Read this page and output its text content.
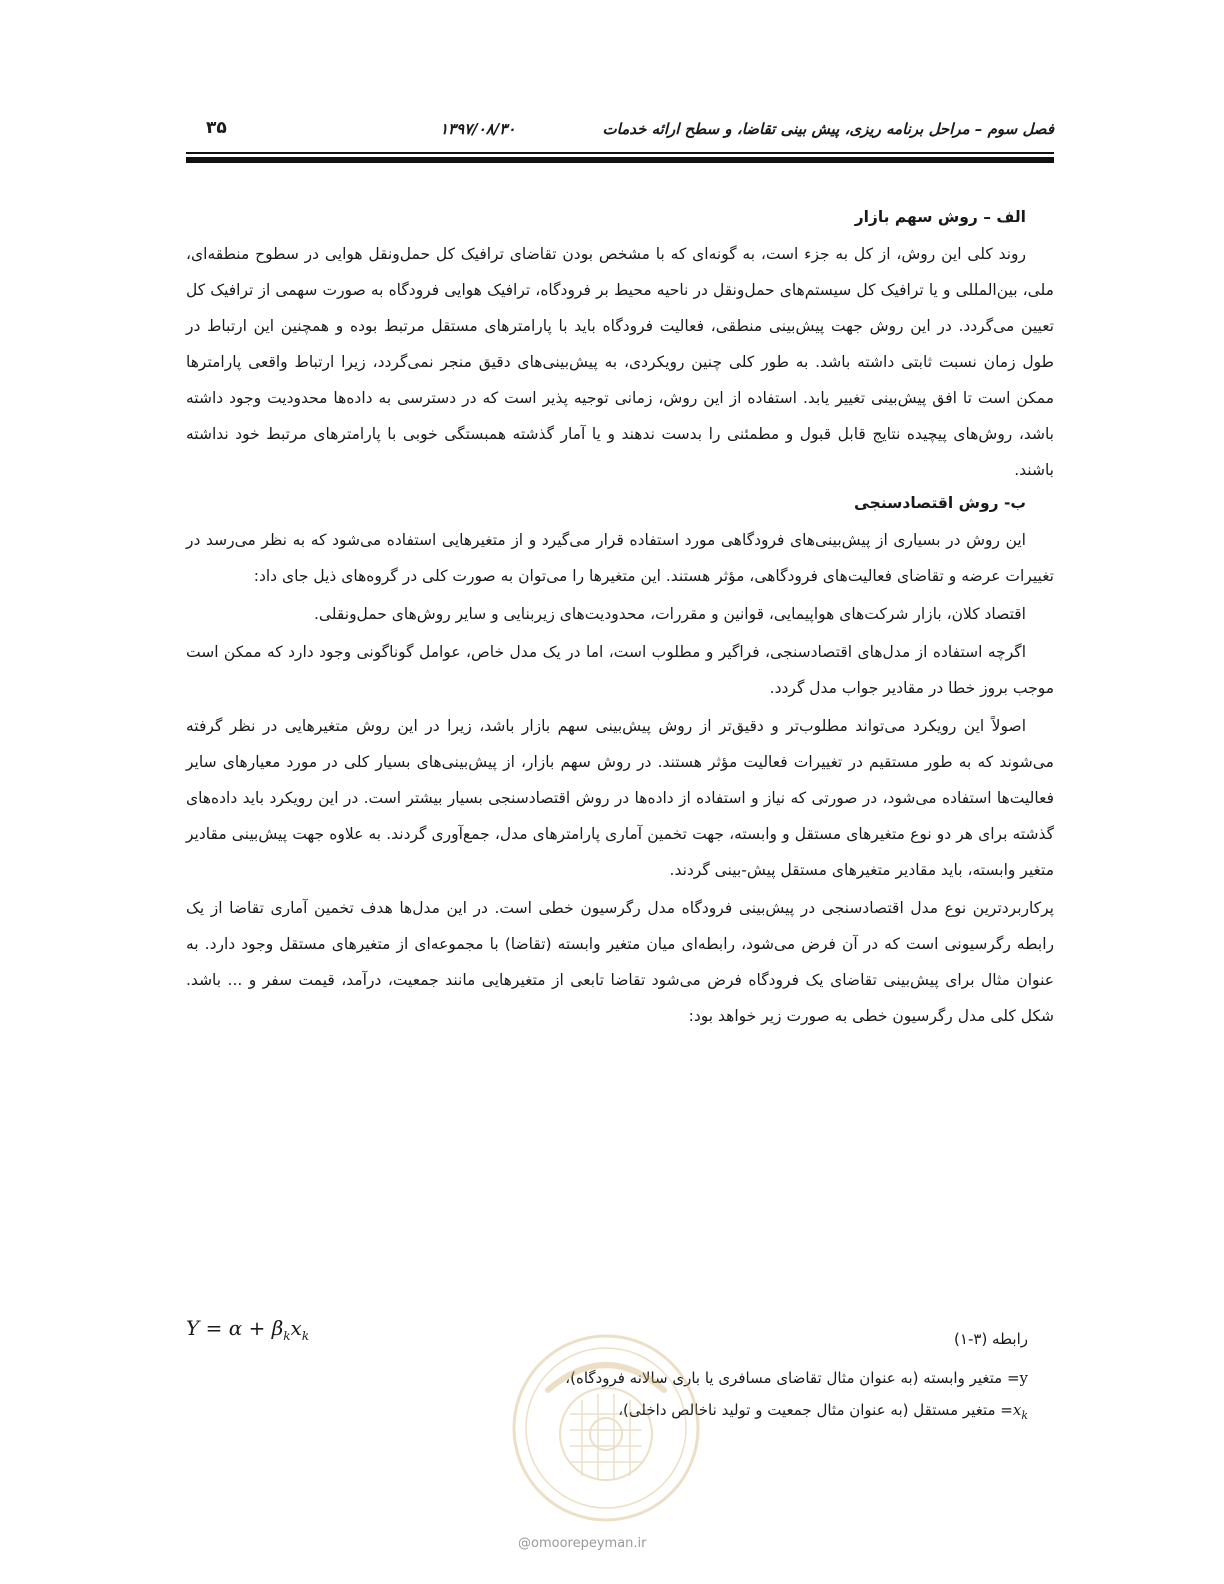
فصل سوم – مراحل برنامه ریزی، پیش بینی تقاضا، و سطح ارائه خدمات
۱۳۹۷/۰۸/۳۰
۳۵
الف – روش سهم بازار

روند کلی این روش، از کل به جزء است، به گونه‌ای که با مشخص بودن تقاضای ترافیک کل حمل‌ونقل هوایی در سطوح منطقه‌ای، ملی، بین‌المللی و یا ترافیک کل سیستم‌های حمل‌ونقل در ناحیه محیط بر فرودگاه، ترافیک هوایی فرودگاه به صورت سهمی از ترافیک کل تعیین می‌گردد. در این روش جهت پیش‌بینی منطقی، فعالیت فرودگاه باید با پارامترهای مستقل مرتبط بوده و همچنین این ارتباط در طول زمان نسبت ثابتی داشته باشد. به طور کلی چنین رویکردی، به پیش‌بینی‌های دقیق منجر نمی‌گردد، زیرا ارتباط واقعی پارامترها ممکن است تا افق پیش‌بینی تغییر یابد. استفاده از این روش، زمانی توجیه پذیر است که در دسترسی به داده‌ها محدودیت وجود داشته باشد، روش‌های پیچیده نتایج قابل قبول و مطمئنی را بدست ندهند و یا آمار گذشته همبستگی خوبی با پارامترهای مرتبط خود نداشته باشند.

ب- روش اقتصادسنجی

این روش در بسیاری از پیش‌بینی‌های فرودگاهی مورد استفاده قرار می‌گیرد و از متغیرهایی استفاده می‌شود که به نظر می‌رسد در تغییرات عرضه و تقاضای فعالیت‌های فرودگاهی، مؤثر هستند. این متغیرها را می‌توان به صورت کلی در گروه‌های ذیل جای داد:

اقتصاد کلان، بازار شرکت‌های هواپیمایی، قوانین و مقررات، محدودیت‌های زیربنایی و سایر روش‌های حمل‌ونقلی.

اگرچه استفاده از مدل‌های اقتصادسنجی، فراگیر و مطلوب است، اما در یک مدل خاص، عوامل گوناگونی وجود دارد که ممکن است موجب بروز خطا در مقادیر جواب مدل گردد.

اصولاً این رویکرد می‌تواند مطلوب‌تر و دقیق‌تر از روش پیش‌بینی سهم بازار باشد، زیرا در این روش متغیرهایی در نظر گرفته می‌شوند که به طور مستقیم در تغییرات فعالیت مؤثر هستند. در روش سهم بازار، از پیش‌بینی‌های بسیار کلی در مورد معیارهای سایر فعالیت‌ها استفاده می‌شود، در صورتی که نیاز و استفاده از داده‌ها در روش اقتصادسنجی بسیار بیشتر است. در این رویکرد باید داده‌های گذشته برای هر دو نوع متغیرهای مستقل و وابسته، جهت تخمین آماری پارامترهای مدل، جمع‌آوری گردند. به علاوه جهت پیش‌بینی مقادیر متغیر وابسته، باید مقادیر متغیرهای مستقل پیش-بینی گردند.

پرکاربردترین نوع مدل اقتصادسنجی در پیش‌بینی فرودگاه مدل رگرسیون خطی است. در این مدل‌ها هدف تخمین آماری تقاضا از یک رابطه رگرسیونی است که در آن فرض می‌شود، رابطه‌ای میان متغیر وابسته (تقاضا) با مجموعه‌ای از متغیرهای مستقل وجود دارد. به عنوان مثال برای پیش‌بینی تقاضای یک فرودگاه فرض می‌شود تقاضا تابعی از متغیرهایی مانند جمعیت، درآمد، قیمت سفر و ... باشد. شکل کلی مدل رگرسیون خطی به صورت زیر خواهد بود:

$Y = \alpha + \beta_kx_k$	رابطه (۳-۱)
y= متغیر وابسته (به عنوان مثال تقاضای مسافری یا باری سالانه فرودگاه)،
$x_k=$ متغیر مستقل (به عنوان مثال جمعیت و تولید ناخالص داخلی)،
@omoorepeyman.ir
